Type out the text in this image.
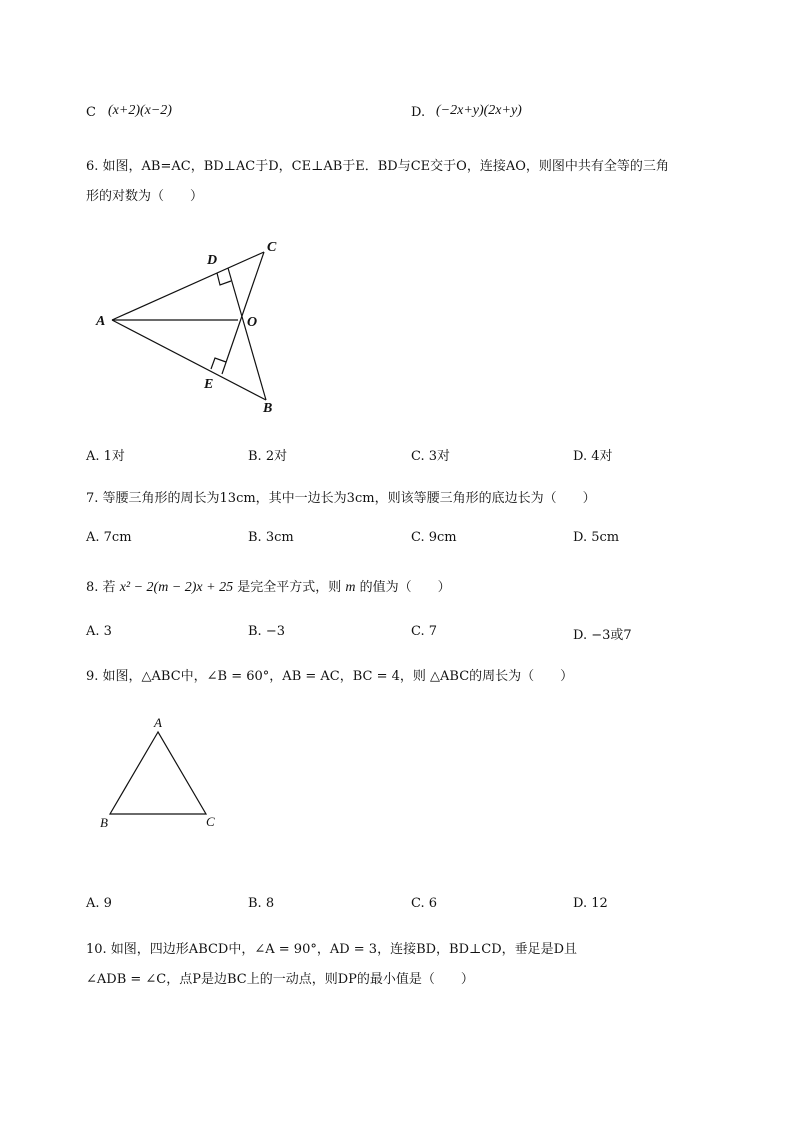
C (x+2)(x−2)	D. (−2x+y)(2x+y)
6. 如图，AB=AC，BD⊥AC于D，CE⊥AB于E．BD与CE交于O，连接AO，则图中共有全等的三角
形的对数为（　　）
A
C
D
O
E
B
A. 1对	B. 2对	C. 3对	D. 4对
7. 等腰三角形的周长为13cm，其中一边长为3cm，则该等腰三角形的底边长为（　　）
A. 7cm	B. 3cm	C. 9cm	D. 5cm
8. 若 x² − 2(m − 2)x + 25 是完全平方式，则 m 的值为（　　）
A. 3	B. −3	C. 7	D. −3或7
9. 如图，△ABC中，∠B = 60°，AB = AC，BC = 4，则 △ABC的周长为（　　）
A
B	C
A. 9	B. 8	C. 6	D. 12
10. 如图，四边形ABCD中，∠A = 90°，AD = 3，连接BD，BD⊥CD，垂足是D且
∠ADB = ∠C，点P是边BC上的一动点，则DP的最小值是（　　）
